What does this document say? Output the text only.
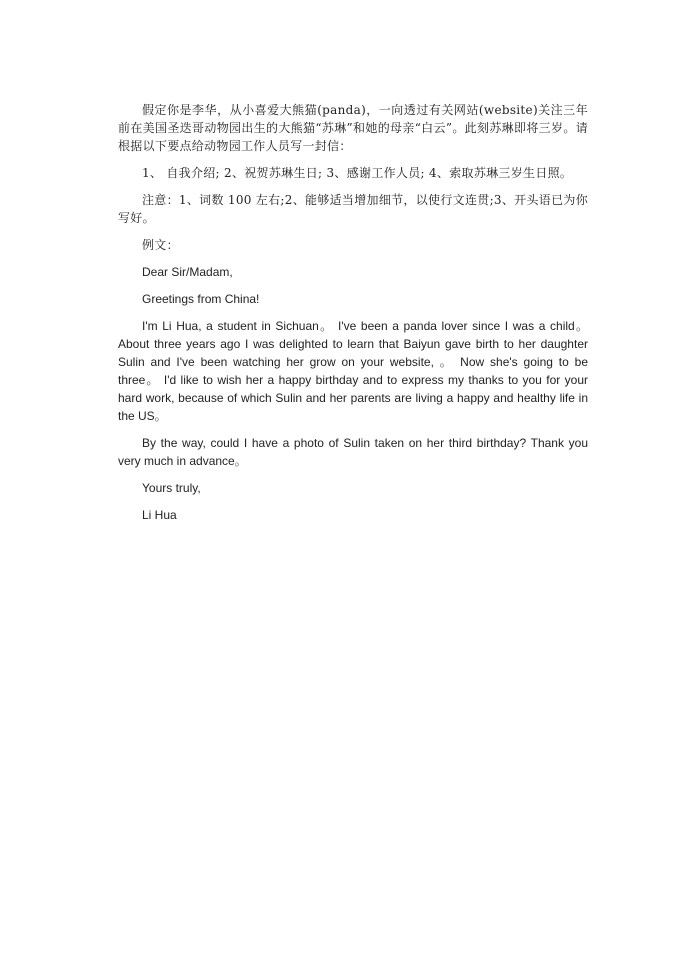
假定你是李华，从小喜爱大熊猫(panda)，一向透过有关网站(website)关注三年前在美国圣迭哥动物园出生的大熊猫“苏琳”和她的母亲“白云”。此刻苏琳即将三岁。请根据以下要点给动物园工作人员写一封信：

1、 自我介绍; 2、祝贺苏琳生日; 3、感谢工作人员; 4、索取苏琳三岁生日照。

注意：1、词数 100 左右;2、能够适当增加细节，以使行文连贯;3、开头语已为你写好。

例文：

Dear Sir/Madam,

Greetings from China!

I'm Li Hua, a student in Sichuan。 I've been a panda lover since I was a child。 About three years ago I was delighted to learn that Baiyun gave birth to her daughter Sulin and I've been watching her grow on your website, 。 Now she's going to be three。 I'd like to wish her a happy birthday and to express my thanks to you for your hard work, because of which Sulin and her parents are living a happy and healthy life in the US。

By the way, could I have a photo of Sulin taken on her third birthday? Thank you very much in advance。

Yours truly,

Li Hua
